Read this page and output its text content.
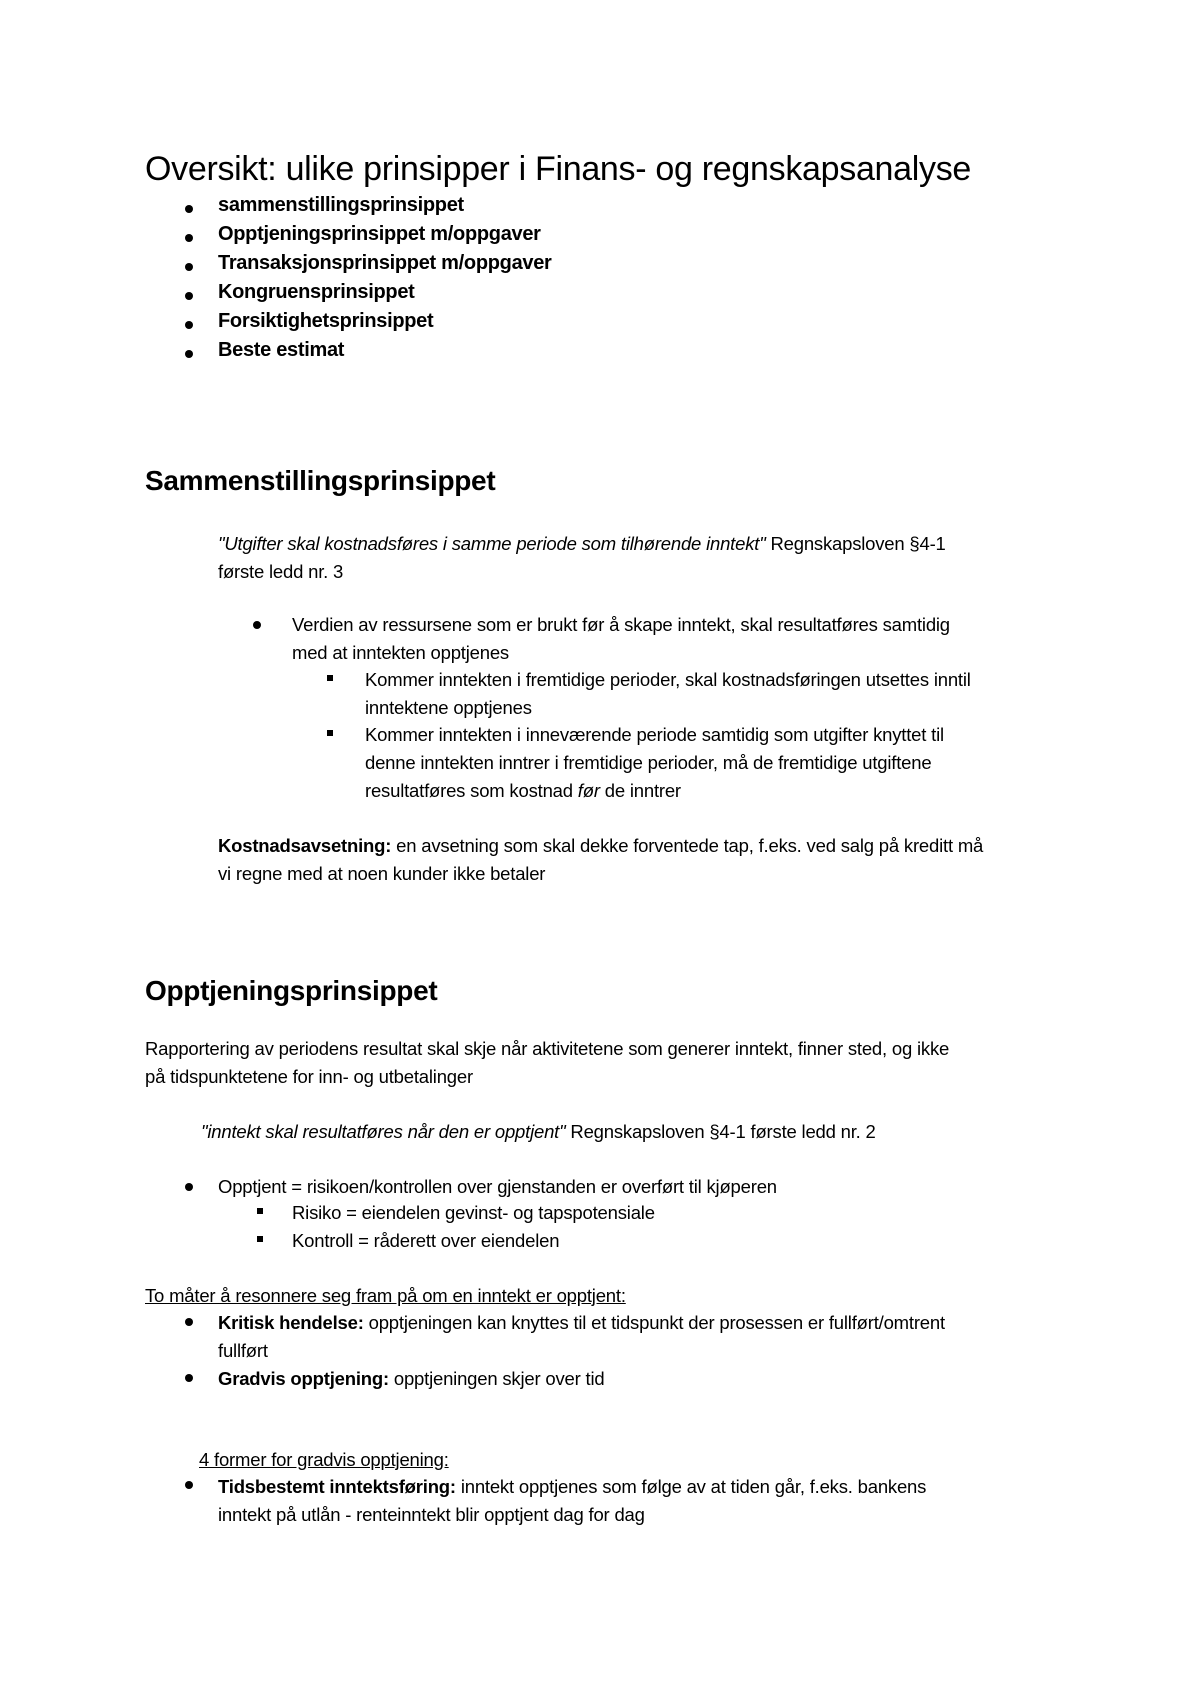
Oversikt: ulike prinsipper i Finans- og regnskapsanalyse
sammenstillingsprinsippet
Opptjeningsprinsippet m/oppgaver
Transaksjonsprinsippet m/oppgaver
Kongruensprinsippet
Forsiktighetsprinsippet
Beste estimat
Sammenstillingsprinsippet
"Utgifter skal kostnadsføres i samme periode som tilhørende inntekt" Regnskapsloven §4-1
første ledd nr. 3
Verdien av ressursene som er brukt før å skape inntekt, skal resultatføres samtidig
med at inntekten opptjenes
Kommer inntekten i fremtidige perioder, skal kostnadsføringen utsettes inntil
inntektene opptjenes
Kommer inntekten i inneværende periode samtidig som utgifter knyttet til
denne inntekten inntrer i fremtidige perioder, må de fremtidige utgiftene
resultatføres som kostnad før de inntrer
Kostnadsavsetning: en avsetning som skal dekke forventede tap, f.eks. ved salg på kreditt må
vi regne med at noen kunder ikke betaler
Opptjeningsprinsippet
Rapportering av periodens resultat skal skje når aktivitetene som generer inntekt, finner sted, og ikke
på tidspunktetene for inn- og utbetalinger
"inntekt skal resultatføres når den er opptjent" Regnskapsloven §4-1 første ledd nr. 2
Opptjent = risikoen/kontrollen over gjenstanden er overført til kjøperen
Risiko = eiendelen gevinst- og tapspotensiale
Kontroll = råderett over eiendelen
To måter å resonnere seg fram på om en inntekt er opptjent:
Kritisk hendelse: opptjeningen kan knyttes til et tidspunkt der prosessen er fullført/omtrent
fullført
Gradvis opptjening: opptjeningen skjer over tid
4 former for gradvis opptjening:
Tidsbestemt inntektsføring: inntekt opptjenes som følge av at tiden går, f.eks. bankens
inntekt på utlån - renteinntekt blir opptjent dag for dag
